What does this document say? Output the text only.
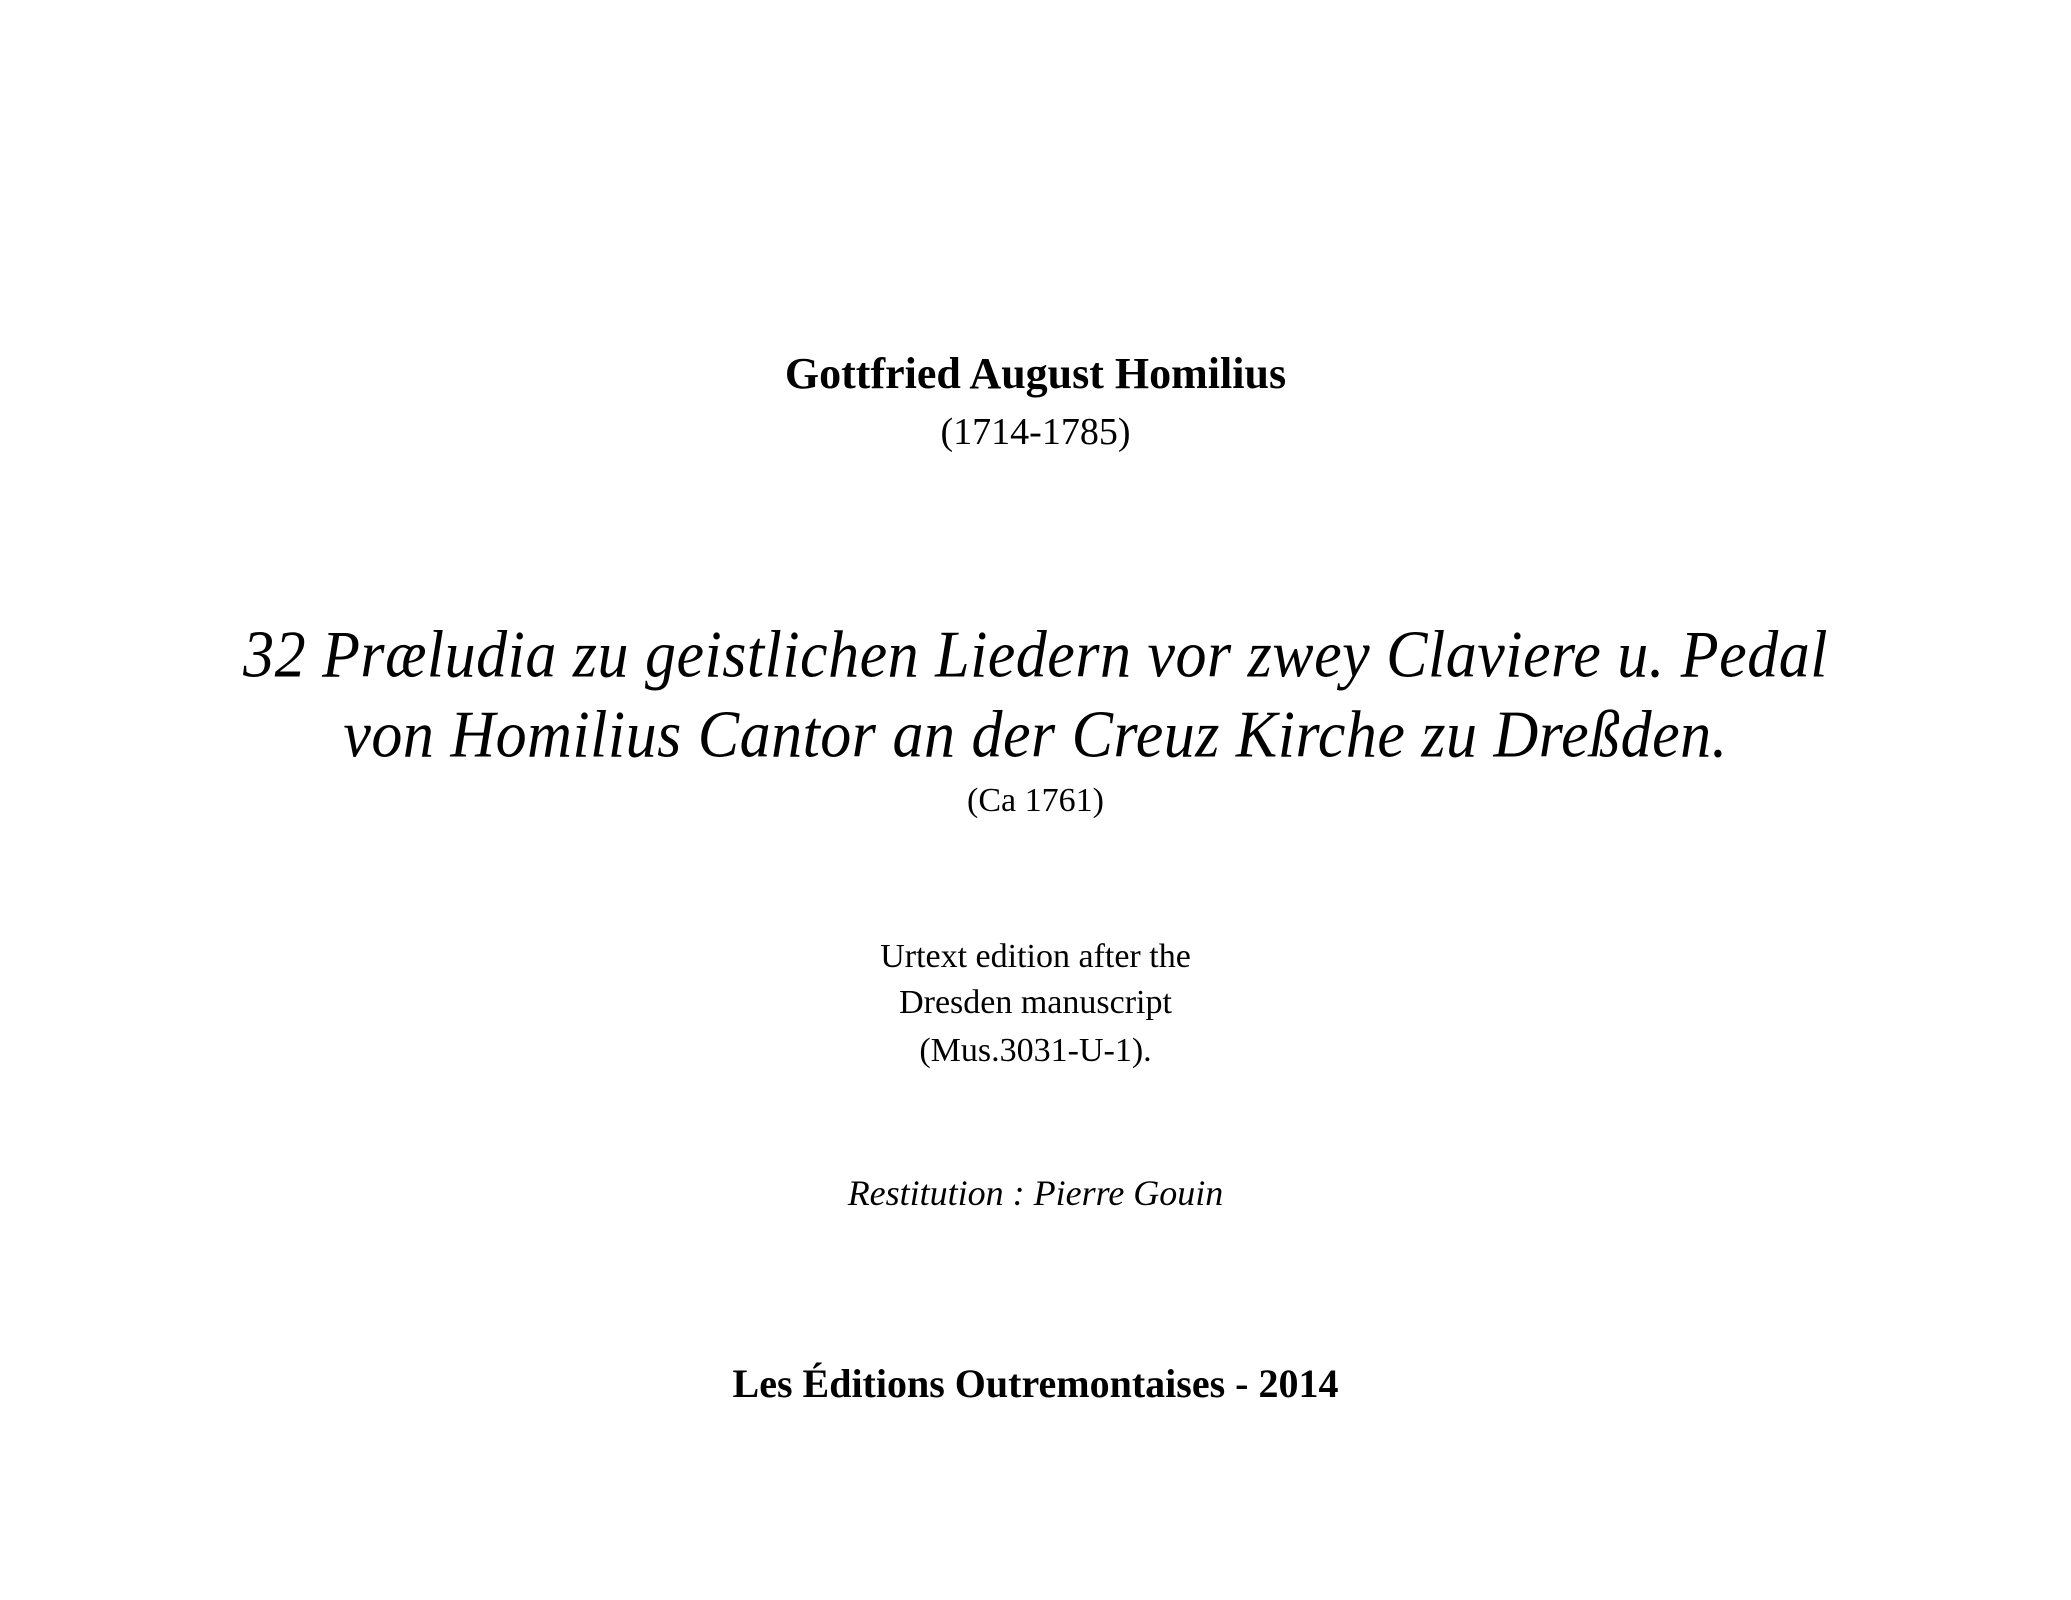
Gottfried August Homilius
(1714-1785)
32 Præludia zu geistlichen Liedern vor zwey Claviere u. Pedal
von Homilius Cantor an der Creuz Kirche zu Dreßden.
(Ca 1761)
Urtext edition after the
Dresden manuscript
(Mus.3031-U-1).
Restitution : Pierre Gouin
Les Éditions Outremontaises - 2014
